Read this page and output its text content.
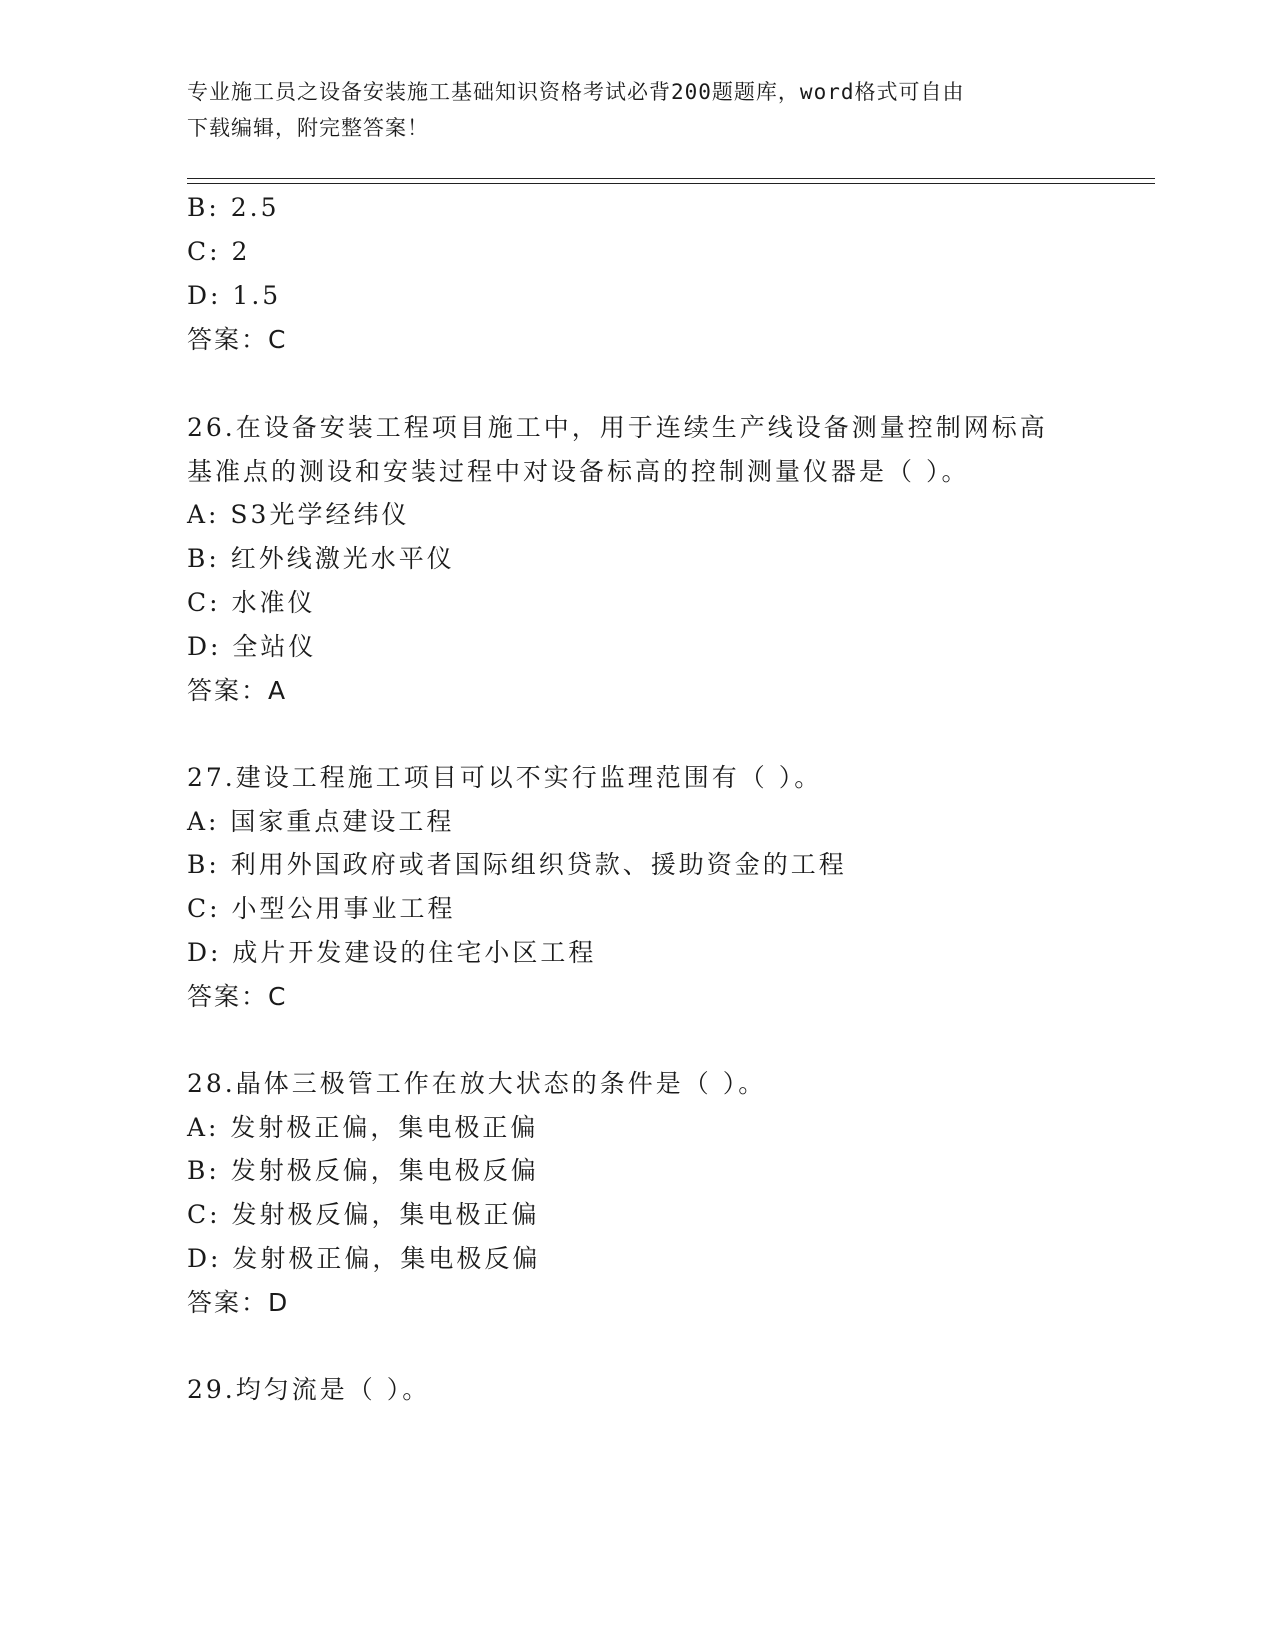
专业施工员之设备安装施工基础知识资格考试必背200题题库，word格式可自由
下载编辑，附完整答案！
B: 2.5
C: 2
D: 1.5
答案：C
26.在设备安装工程项目施工中，用于连续生产线设备测量控制网标高
基准点的测设和安装过程中对设备标高的控制测量仪器是（ ）。
A: S3光学经纬仪
B: 红外线激光水平仪
C: 水准仪
D: 全站仪
答案：A
27.建设工程施工项目可以不实行监理范围有（ ）。
A: 国家重点建设工程
B: 利用外国政府或者国际组织贷款、援助资金的工程
C: 小型公用事业工程
D: 成片开发建设的住宅小区工程
答案：C
28.晶体三极管工作在放大状态的条件是（ ）。
A: 发射极正偏，集电极正偏
B: 发射极反偏，集电极反偏
C: 发射极反偏，集电极正偏
D: 发射极正偏，集电极反偏
答案：D
29.均匀流是（ ）。
